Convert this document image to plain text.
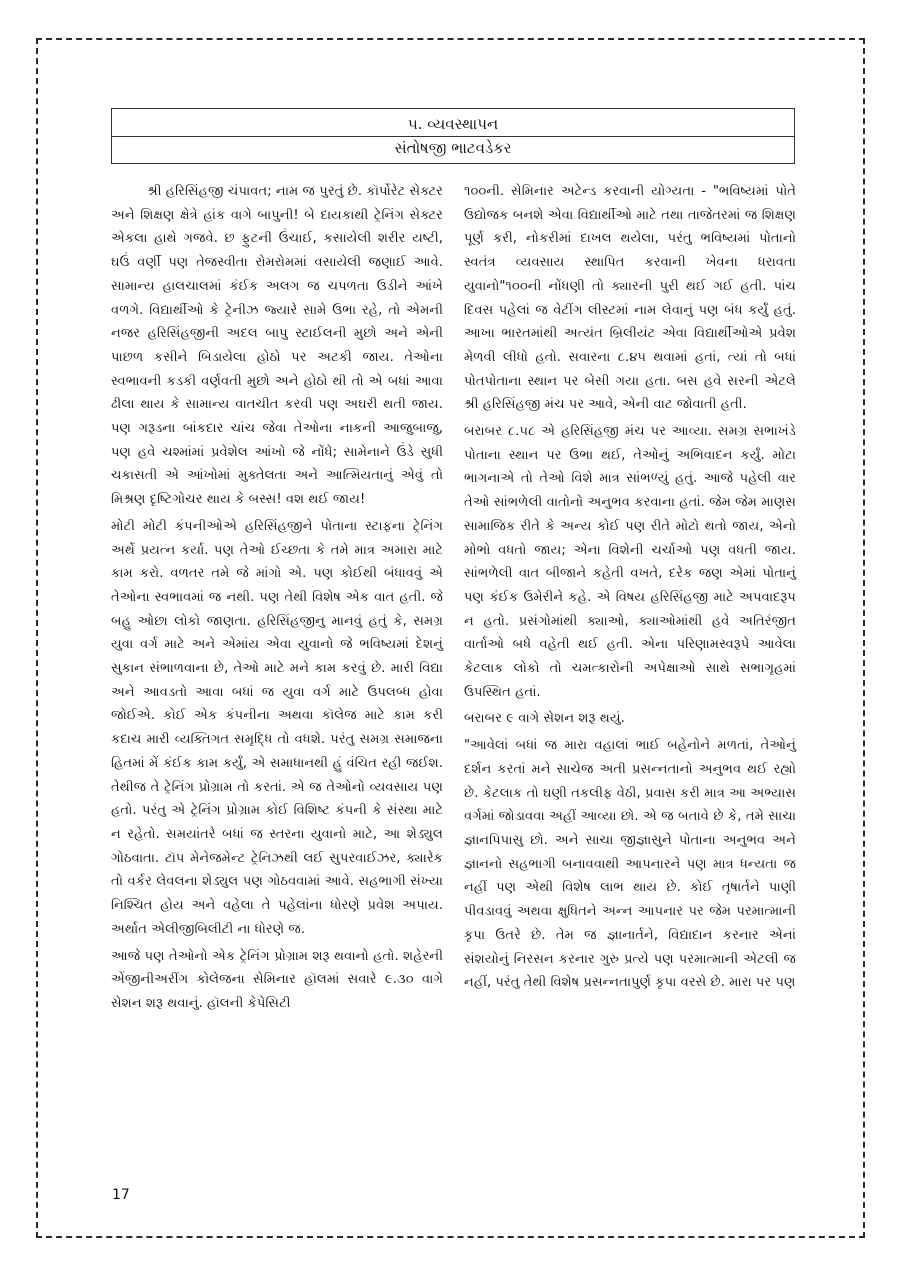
૫. વ્યવસ્થાપન
સંતોષજી ભાટવડેકર

શ્રી હરિસિંહજી ચંપાવત; નામ જ પુરતું છે. કૉર્પોરેટ સેક્ટર અને શિક્ષણ ક્ષેત્રે હાંક વાગે બાપુની! બે દાયકાથી ટ્રેનિંગ સેક્ટર એકલા હાથે ગજવે. છ ફુટની ઉંચાઈ, કસાયેલી શરીર યષ્ટી, ઘઉં વર્ણી પણ તેજસ્વીતા રોમરોમમાં વસાયેલી જણાઈ આવે. સામાન્ય હાલચાલમાં કંઈક અલગ જ ચપળતા ઉડીને આંખે વળગે. વિદ્યાર્થીઓ કે ટ્રેનીઝ જ્યારે સામે ઉભા રહે, તો એમની નજર હરિસિંહજીની અદલ બાપુ સ્ટાઈલની મુછો અને એની પાછળ કસીને બિડાયેલા હોઠો પર અટકી જાય. તેઓના સ્વભાવની કડકી વર્ણવતી મુછો અને હોઠો થી તો એ બધાં આવા ઢીલા થાય કે સામાન્ય વાતચીત કરવી પણ અઘરી થતી જાય. પણ ગરૂડના બાંકદાર ચાંચ જેવા તેઓના નાકની આજુબાજુ, પણ હવે ચશ્માંમાં પ્રવેશેલ આંખો જે નોંધે; સામેનાને ઉંડે સુધી ચકાસતી એ આંખોમાં મુક્તેલતા અને આત્મિયતાનું એવું તો મિશ્રણ દૃષ્ટિગોચર થાય કે બસ્સ! વશ થઈ જાય!

મોટી મોટી કંપનીઓએ હરિસિંહજીને પોતાના સ્ટાફના ટ્રેનિંગ અર્થે પ્રયત્ન કર્યા. પણ તેઓ ઈચ્છતા કે તમે માત્ર અમારા માટે કામ કરો. વળતર તમે જે માંગો એ. પણ કોઈથી બંધાવવું એ તેઓના સ્વભાવમાં જ નથી. પણ તેથી વિશેષ એક વાત હતી. જે બહુ ઓછા લોકો જાણતા. હરિસિંહજીનુ માનવું હતું કે, સમગ્ર યુવા વર્ગ માટે અને એમાંય એવા યુવાનો જે ભવિષ્યમાં દેશનું સુકાન સંભાળવાના છે, તેઓ માટે મને કામ કરવું છે. મારી વિદ્યા અને આવડતો આવા બધાં જ યુવા વર્ગ માટે ઉપલબ્ધ હોવા જોઈએ. કોઈ એક કંપનીના અથવા કૉલેજ માટે કામ કરી કદાચ મારી વ્યક્તિગત સમૃદ્ધિ તો વધશે. પરંતુ સમગ્ર સમાજના હિતમાં મેં કંઈક કામ કર્યું, એ સમાધાનથી હું વંચિત રહી જઈશ. તેથીજ તે ટ્રેનિંગ પ્રોગ્રામ તો કરતાં. એ જ તેઓનો વ્યવસાય પણ હતો. પરંતુ એ ટ્રેનિંગ પ્રોગ્રામ કોઈ વિશિષ્ટ કંપની કે સંસ્થા માટે ન રહેતો. સમયાંતરે બધાં જ સ્તરના યુવાનો માટે, આ શેડ્યુલ ગોઠવાતા. ટૉપ મેનેજમેન્ટ ટ્રેનિઝથી લઈ સુપરવાઈઝર, ક્યારેક તો વર્કર લેવલના શેડ્યુલ પણ ગોઠવવામાં આવે. સહભાગી સંખ્યા નિશ્ચિત હોય અને વહેલા તે પહેલાંના ધોરણે પ્રવેશ અપાય. અર્થાત એલીજીબિલીટી ના ધોરણે જ.

આજે પણ તેઓનો એક ટ્રેનિંગ પ્રોગ્રામ શરૂ થવાનો હતો. શહેરની એંજીનીઅરીંગ કોલેજના સેમિનાર હૉલમાં સવારે ૯.૩૦ વાગે સેશન શરૂ થવાનું. હૉલની કેપેસિટી

૧૦૦ની. સેમિનાર અટેન્ડ કરવાની યોગ્યતા - "ભવિષ્યમાં પોતે ઉદ્યોજક બનશે એવા વિદ્યાર્થીઓ માટે તથા તાજેતરમાં જ શિક્ષણ પૂર્ણ કરી, નોકરીમાં દાખલ થયેલા, પરંતુ ભવિષ્યમાં પોતાનો સ્વતંત્ર વ્યવસાય સ્થાપિત કરવાની ખેવના ધરાવતા યુવાનો"૧૦૦ની નોંધણી તો ક્યારની પુરી થઈ ગઈ હતી. પાંચ દિવસ પહેલાં જ વેટીંગ લીસ્ટમાં નામ લેવાનું પણ બંધ કર્યું હતું. આખા ભારતમાંથી અત્યંત બ્રિલીયંટ એવા વિદ્યાર્થીઓએ પ્રવેશ મેળવી લીધો હતો. સવારના ૮.૪૫ થવામાં હતાં, ત્યાં તો બધાં પોતપોતાના સ્થાન પર બેસી ગયા હતા. બસ હવે સરની એટલે શ્રી હરિસિંહજી મંચ પર આવે, એની વાટ જોવાતી હતી.

બરાબર ૮.૫૮ એ હરિસિંહજી મંચ પર આવ્યા. સમગ્ર સભાખંડે પોતાના સ્થાન પર ઉભા થઈ, તેઓનું અભિવાદન કર્યું. મોટા ભાગનાએ તો તેઓ વિશે માત્ર સાંભળ્યું હતું. આજે પહેલી વાર તેઓ સાંભળેલી વાતોનો અનુભવ કરવાના હતાં. જેમ જેમ માણસ સામાજિક રીતે કે અન્ય કોઈ પણ રીતે મોટો થતો જાય, એનો મોભો વધતો જાય; એના વિશેની ચર્ચાઓ પણ વધતી જાય. સાંભળેલી વાત બીજાને કહેતી વખતે, દરેક જણ એમાં પોતાનું પણ કંઈક ઉમેરીને કહે. એ વિષય હરિસિંહજી માટે અપવાદરૂપ ન હતો. પ્રસંગોમાંથી ક્યાઓ, ક્યાઓમાંથી હવે અતિરંજીત વાર્તાઓ બધે વહેતી થઈ હતી. એના પરિણામસ્વરૂપે આવેલા કેટલાક લોકો તો ચમત્કારોની અપેક્ષાઓ સાથે સભાગૃહમાં ઉપસ્થિત હતાં.

બરાબર ૯ વાગે સેશન શરૂ થયું.

"આવેલાં બધાં જ મારા વહાલાં ભાઈ બહેનોને મળતાં, તેઓનું દર્શન કરતાં મને સાચેજ અતી પ્રસન્નતાનો અનુભવ થઈ રહ્યો છે. કેટલાક તો ઘણી તકલીફ વેઠી, પ્રવાસ કરી માત્ર આ અભ્યાસ વર્ગમાં જોડાવવા અહીં આવ્યા છો. એ જ બતાવે છે કે, તમે સાચા જ્ઞાનપિપાસુ છો. અને સાચા જીજ્ઞાસુને પોતાના અનુભવ અને જ્ઞાનનો સહભાગી બનાવવાથી આપનારને પણ માત્ર ધન્યતા જ નહીં પણ એથી વિશેષ લાભ થાય છે. કોઈ તૃષાર્તને પાણી પીવડાવવું અથવા ક્ષુધિતને અન્ન આપનાર પર જેમ પરમાત્માની કૃપા ઉતરે છે. તેમ જ જ્ઞાનાર્તને, વિદ્યાદાન કરનાર એનાં સંશયોનું નિરસન કરનાર ગુરુ પ્રત્યે પણ પરમાત્માની એટલી જ નહીં, પરંતુ તેથી વિશેષ પ્રસન્નતાપુર્ણ કૃપા વરસે છે. મારા પર પણ

17
